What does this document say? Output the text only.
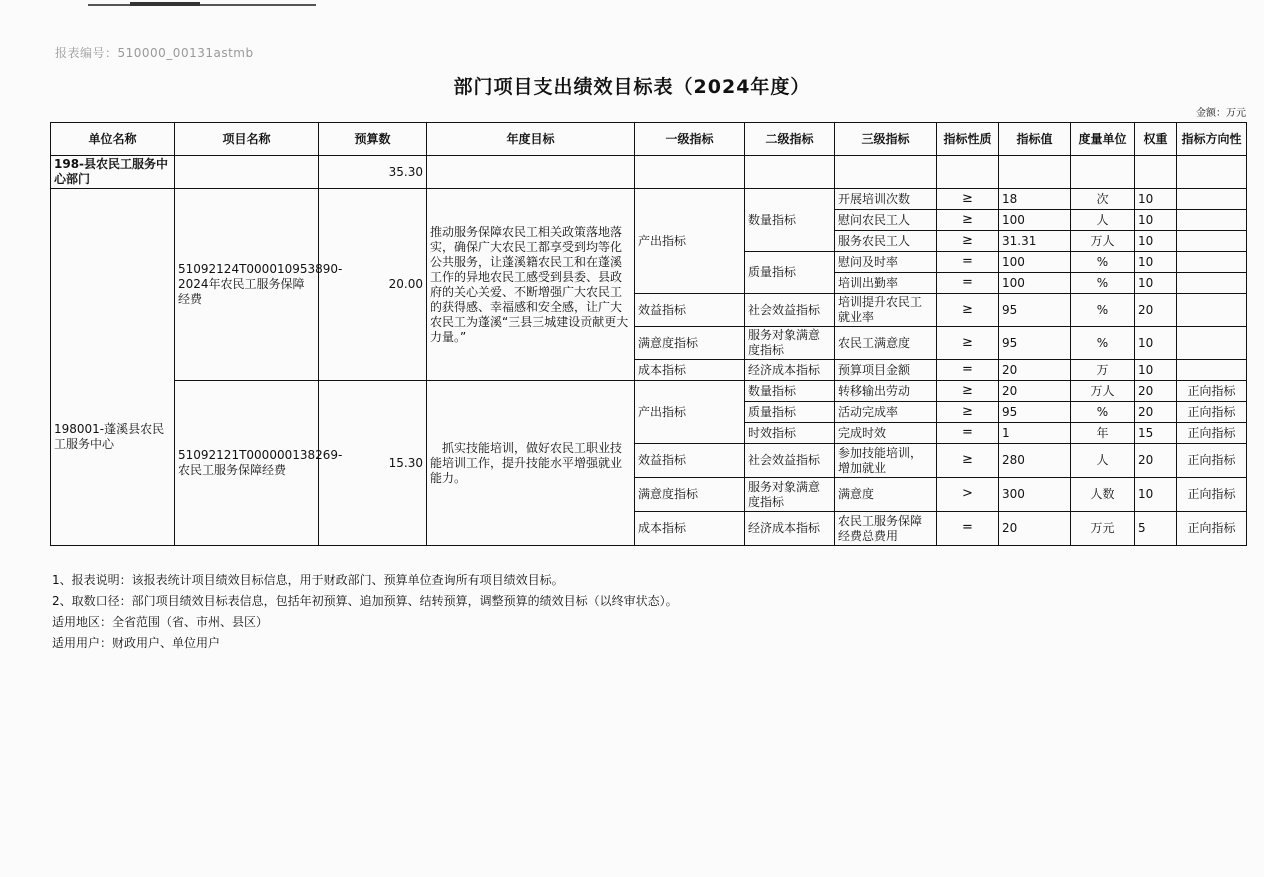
报表编号：510000_00131astmb
部门项目支出绩效目标表（2024年度）
金额：万元
单位名称	项目名称	预算数	年度目标	一级指标	二级指标	三级指标	指标性质	指标值	度量单位	权重	指标方向性
198-县农民工服务中心部门		35.30									
198001-蓬溪县农民工服务中心	51092124T000010953890-2024年农民工服务保障经费	20.00	推动服务保障农民工相关政策落地落实，确保广大农民工都享受到均等化公共服务，让蓬溪籍农民工和在蓬溪工作的异地农民工感受到县委、县政府的关心关爱、不断增强广大农民工的获得感、幸福感和安全感，让广大农民工为蓬溪“三县三城建设贡献更大力量。”	产出指标	数量指标	开展培训次数	≥	18	次	10	
						慰问农民工人	≥	100	人	10	
						服务农民工人	≥	31.31	万人	10	
					质量指标	慰问及时率	=	100	%	10	
						培训出勤率	=	100	%	10	
				效益指标	社会效益指标	培训提升农民工就业率	≥	95	%	20	
				满意度指标	服务对象满意度指标	农民工满意度	≥	95	%	10	
				成本指标	经济成本指标	预算项目金额	=	20	万	10	
	51092121T000000138269-农民工服务保障经费	15.30	抓实技能培训，做好农民工职业技能培训工作，提升技能水平增强就业能力。	产出指标	数量指标	转移输出劳动	≥	20	万人	20	正向指标
					质量指标	活动完成率	≥	95	%	20	正向指标
					时效指标	完成时效	=	1	年	15	正向指标
				效益指标	社会效益指标	参加技能培训，增加就业	≥	280	人	20	正向指标
				满意度指标	服务对象满意度指标	满意度	>	300	人数	10	正向指标
				成本指标	经济成本指标	农民工服务保障经费总费用	=	20	万元	5	正向指标
1、报表说明：该报表统计项目绩效目标信息，用于财政部门、预算单位查询所有项目绩效目标。
2、取数口径：部门项目绩效目标表信息，包括年初预算、追加预算、结转预算，调整预算的绩效目标（以终审状态）。
适用地区：全省范围（省、市州、县区）
适用用户：财政用户、单位用户
